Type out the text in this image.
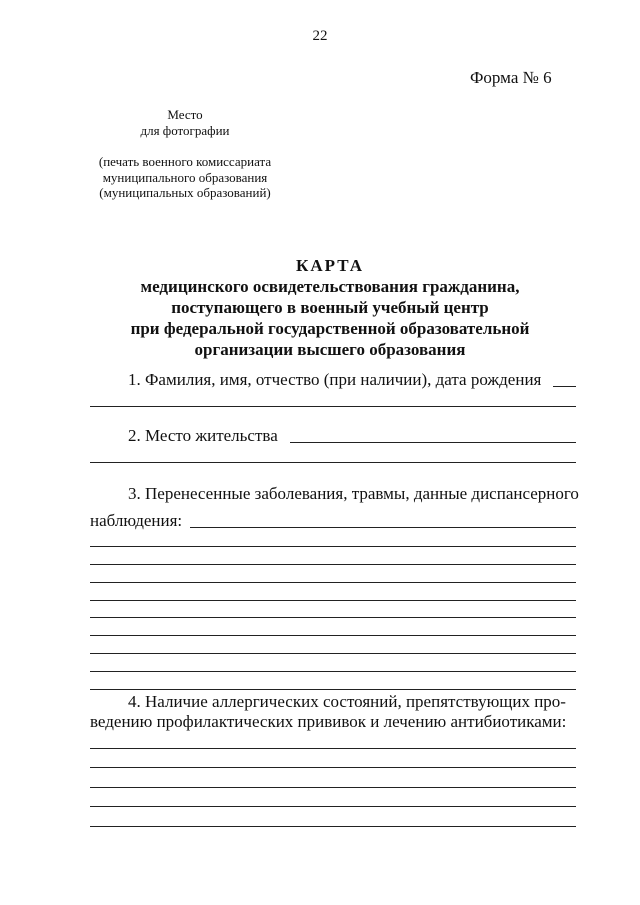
22
Форма № 6
Место
для фотографии
(печать военного комиссариата
муниципального образования
(муниципальных образований)
КАРТА
медицинского освидетельствования гражданина,
поступающего в военный учебный центр
при федеральной государственной образовательной
организации высшего образования
1. Фамилия, имя, отчество (при наличии), дата рождения
2. Место жительства
3. Перенесенные заболевания, травмы, данные диспансерного
наблюдения:
4. Наличие аллергических состояний, препятствующих про-
ведению профилактических прививок и лечению антибиотиками:
